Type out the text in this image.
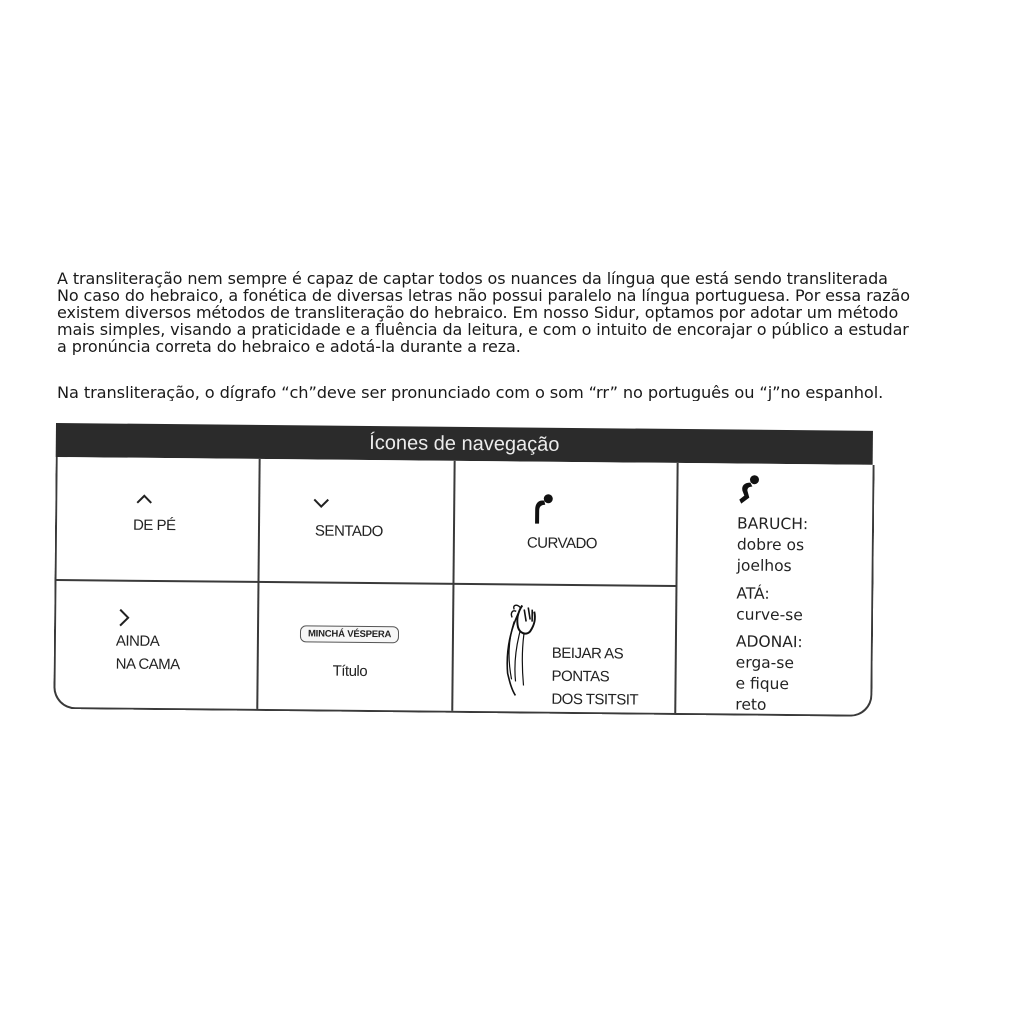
A transliteração nem sempre é capaz de captar todos os nuances da língua que está sendo transliterada
No caso do hebraico, a fonética de diversas letras não possui paralelo na língua portuguesa. Por essa razão
existem diversos métodos de transliteração do hebraico. Em nosso Sidur, optamos por adotar um método
mais simples, visando a praticidade e a fluência da leitura, e com o intuito de encorajar o público a estudar
a pronúncia correta do hebraico e adotá-la durante a reza.
Na transliteração, o dígrafo “ch”deve ser pronunciado com o som “rr” no português ou “j”no espanhol.
Ícones de navegação
DE PÉ	SENTADO
CURVADO
BARUCH:
dobre os
joelhos
ATÁ:
curve-se
ADONAI:
erga-se
e fique
reto
AINDA
NA CAMA
MINCHÁ VÉSPERA
Título
BEIJAR AS
PONTAS
DOS TSITSIT
